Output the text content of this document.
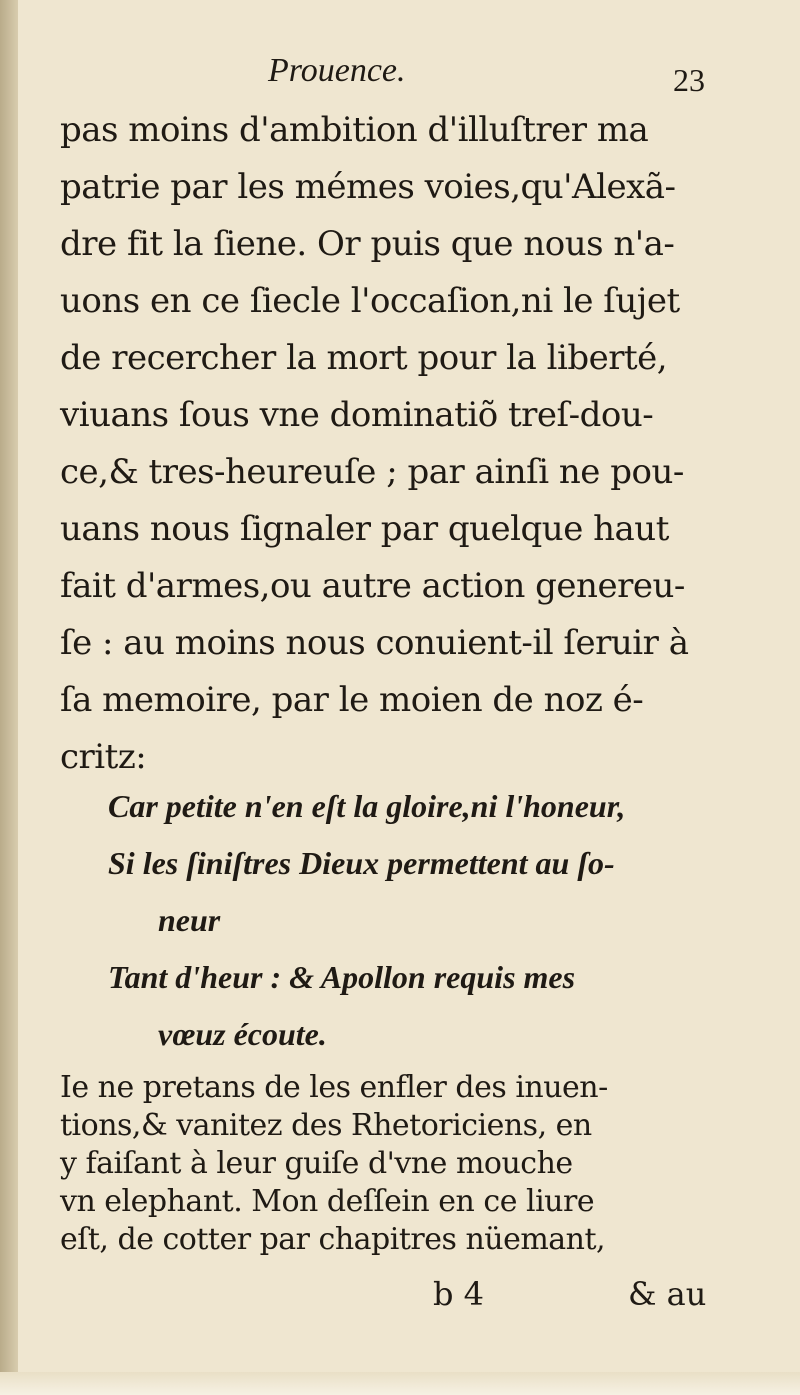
Prouence.	23
pas moins d'ambition d'illuſtrer ma
patrie par les mémes voies,qu'Alexã-
dre fit la ſiene. Or puis que nous n'a-
uons en ce ſiecle l'occaſion,ni le ſujet
de recercher la mort pour la liberté,
viuans ſous vne dominatiõ treſ-dou-
ce,& tres-heureuſe ; par ainſi ne pou-
uans nous ſignaler par quelque haut
fait d'armes,ou autre action genereu-
ſe : au moins nous conuient-il ſeruir à
ſa memoire, par le moien de noz é-
critz:
Car petite n'en eſt la gloire,ni l'honeur,
Si les ſiniſtres Dieux permettent au ſo-
neur
Tant d'heur : & Apollon requis mes
vœuz écoute.
Ie ne pretans de les enfler des inuen-
tions,& vanitez des Rhetoriciens, en
y faiſant à leur guiſe d'vne mouche
b 4	& au
vn elephant. Mon deſſein en ce liure
eſt, de cotter par chapitres nüemant,
